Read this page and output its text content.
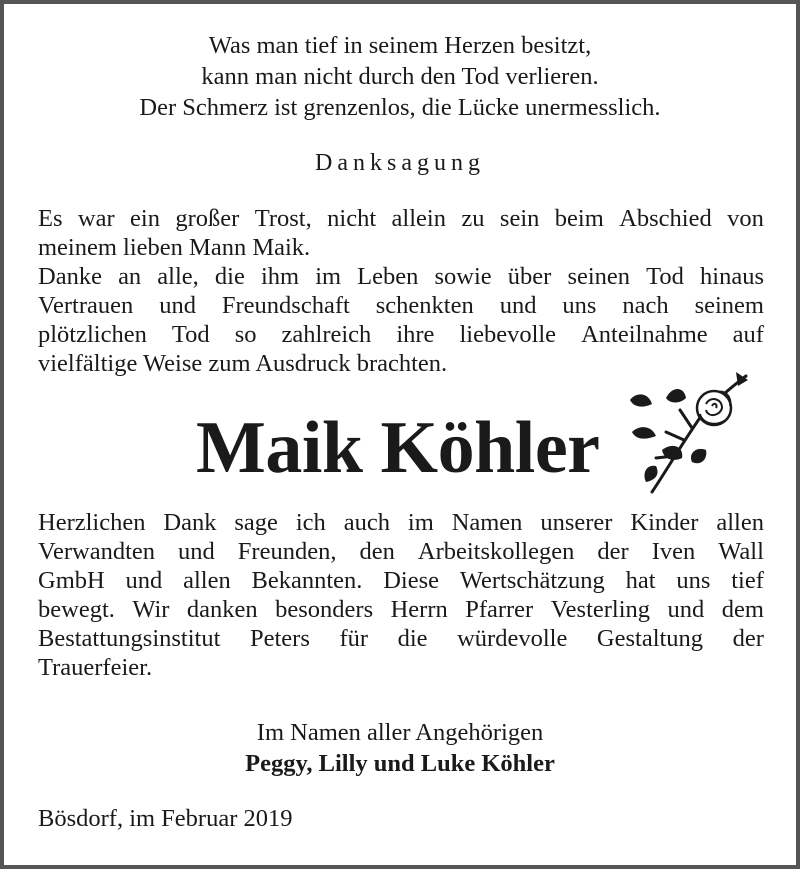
Was man tief in seinem Herzen besitzt,
kann man nicht durch den Tod verlieren.
Der Schmerz ist grenzenlos, die Lücke unermesslich.
Danksagung
Es war ein großer Trost, nicht allein zu sein beim Abschied von
meinem lieben Mann Maik.
Danke an alle, die ihm im Leben sowie über seinen Tod hinaus
Vertrauen und Freundschaft schenkten und uns nach seinem
plötzlichen Tod so zahlreich ihre liebevolle Anteilnahme auf
vielfältige Weise zum Ausdruck brachten.
Maik Köhler
Herzlichen Dank sage ich auch im Namen unserer Kinder allen
Verwandten und Freunden, den Arbeitskollegen der Iven Wall
GmbH und allen Bekannten. Diese Wertschätzung hat uns tief
bewegt. Wir danken besonders Herrn Pfarrer Vesterling und dem
Bestattungsinstitut Peters für die würdevolle Gestaltung der
Trauerfeier.
Im Namen aller Angehörigen
Peggy, Lilly und Luke Köhler
Bösdorf, im Februar 2019
